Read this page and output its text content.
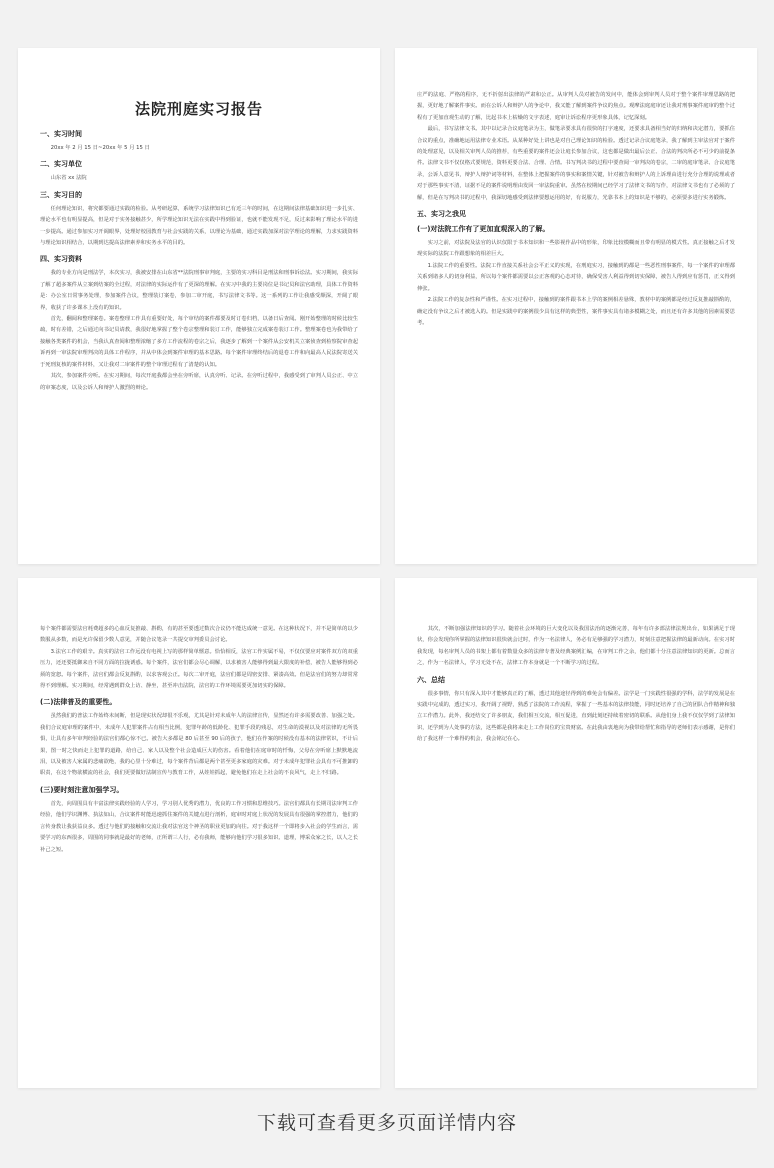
法院刑庭实习报告
一、实习时间

20xx 年 2 月 15 日~20xx 年 5 月 15 日

二、实习单位

山东省 xx 法院

三、实习目的

任何理论知识，将究都要通过实践的检验。从考研起算，系统学习法律知识已有近三年的时间，在这期间法律基础知识进一步扎实、理论水平也有明显提高，但是对于实务接触甚少，所学理论知识无法在实践中得到验证，也就不能发现不足，反过来影响了理论水平的进一步提高。通过参加实习开阔眼界，处理好校园教育与社会实践的关系，以理论为基础，通过实践加深对法学理论的理解，力求实践资料与理论知识相结合，以期到达提高法律素养和实务水平的目的。

四、实习资料

我的专业方向是刑法学，本次实习，我被安排在山东省**法院刑事审判庭，主要的实习科目是刑法和刑事诉讼法。实习期间，我实际了解了超多案件从立案到结案的全过程，对法律的实际运作有了更深的理解。在实习中我的主要岗位是书记员和法官助理，具体工作资料是：办公室日常事务处理，参加案件合议，整理装订案卷，参加二审开庭，书写法律文书等。这一系列的工作让我感受颇深，开阔了眼界，收获了许多课本上没有的知识。

首先，翻阅和整理案卷。案卷整理工作具有重要好处，每个审结的案件都要及时订卷归档，以备日后查阅。刚开始整理的时候比较生疏，时有差错，之后通过向书记员请教，我很好地掌握了整个卷宗整理和装订工作，能够独立完成案卷装订工作。整理案卷也为我带给了接触各类案件的机会，当我认真查阅和整理浓缩了多方工作流程的卷宗之后，我逐步了解到一个案件从公安机关立案侦查到检察院审查起诉再到一审法院审理判决的具体工作程序，并从中体会到案件审理的基本思路。每个案件审理终结后的退卷工作和向最高人民法院寄送关于死刑复核的案件材料，又让我对二审案件的整个审理过程有了清楚的认知。

其次，参加案件旁听。在实习期间，每次开庭我都会坐在旁听席，认真旁听、记录。在旁听过程中，我感受到了审判人员公正、中立的审案态度，以及公诉人和辩护人激烈的辩论。

庄严的法庭、严格的程序，无不折射出法律的严肃和公正。从审判人员对被告的发问中，能体会到审判人员对于整个案件审理思路的把握，更好地了解案件事实。而在公诉人和辩护人的争论中，我又能了解到案件争议的焦点。观摩法庭庭审还让我对刑事案件庭审的整个过程有了更加直观生动的了解，比起书本上枯燥的文字表述，庭审让诉讼程序更形象具体，记忆深刻。

最后，书写法律文书。其中以记录合议庭笔录为主，做笔录要求具有很快的打字速度，还要求具备相当好的归纳和决定潜力，要抓住合议的重点，准确地运用法律专业术语。从某种好处上讲也是对自己理论知识的检验。透过记录合议庭笔录，我了解到主审法官对于案件的处理意见，以及相关审判人员的推荐，有些重要的案件还会让庭长参加合议，这也都是做出最后公正、合法的判决所必不可少的前提条件。法律文书不仅仅格式要规范，资料更要合法、合理、合情。书写判决书的过程中要查阅一审判决的卷宗，二审的庭审笔录、合议庭笔录，公诉人意见书，辩护人辩护词等材料，在整体上把握案件的事实和案情关键，针对被告和辩护人的上诉理由进行充分合理的说理或者对于那些事实不清，证据不足的案件说明理由发回一审法院重审。虽然在校期间已经学习了法律文书的写作，对法律文书也有了必须的了解，但是在写判决书的过程中，我深切地感受到法律要想运用的好，有说服力，光靠书本上的知识是不够的，必须要多进行实务锻炼。

五、实习之我见
(一)对法院工作有了更加直观深入的了解。

实习之前，对法院及法官的认识仅限于书本知识和一些影视作品中的形象，印象比较模糊而且带有明显的模式性。真正接触之后才发现实际的法院工作跟想象的相差巨大。

1.法院工作的重要性。法院工作直接关系社会公平正义的实现，在刑庭实习，接触到的都是一些恶性刑事案件，每一个案件的审理都关系到诸多人的切身利益，所以每个案件都需要以公正客观的心态对待，确保受害人利益得到切实保障，被告人得到应有惩罚，正义得到伸张。

2.法院工作的复杂性和严谨性。在实习过程中，接触到的案件跟书本上学的案例相差悬殊，教材中的案例都是经过反复推敲斟酌的，确定没有争议之后才被选入的。但是实践中的案例很少具有这样的典型性，案件事实具有诸多模糊之处，而且还有许多其他的因素需要思考。

每个案件都需要法官耗费超多的心血反复推敲、斟酌，有的甚至要透过数次合议仍不能达成统一意见。在这种状况下，并不是简单的以少数服从多数，而是允许保留少数人意见，并随合议笔录一共提交审判委员会讨论。

3.法官工作的艰辛。真实的法官工作远没有电视上写的那样简单惬意。恰恰相反，法官工作实属不易，不仅仅要应对案件双方的双重压力，还还要抵御来自不同方面的拉拢诱惑。每个案件，法官们都会尽心调解，以求被害人能够得到最大限度的补偿，被告人能够得到必须的宽恕。每个案件，法官们都会反复斟酌，以求客观公正。每次二审开庭，法官们都是周密安排、紧凑高效。但是法官们的努力却常常得不到理解。实习期间，经常遇到群众上访、静坐，甚至冲击法院，法官的工作环境需要更加切实的保障。

(二)法律普及的重要性。

虽然我们的普法工作始终未间断，但是现实状况却很不乐观，尤其是针对未成年人的法律宣传，显然还有许多需要改善、加强之处。我们合议庭审理的案件中，未成年人犯罪案件占有相当比例，犯罪年龄的低龄化、犯罪手段的残忍，对生命的漠视以及对法律的无所畏惧，让具有多年审判经验的法官们都心惊不已。被告大多都是 80 后甚至 90 后的孩子，他们在作案的时候没有基本的法律常识，不计后果，图一时之快而走上犯罪的道路，给自己、家人以及整个社会造成巨大的伤害。看着他们在庭审时的忏悔，父母在旁听席上默默地流泪，以及被害人家属的悲痛欲绝，我的心里十分难过，每个案件背后都是两个甚至更多家庭的灾难。对于未成年犯罪社会具有不可推卸的职责，在这个物欲横流的社会，我们更要做好法制宣传与教育工作，从娃娃抓起，避免他们在走上社会的不良风气，走上不归路。

(三)要时刻注意加强学习。

首先，向周围具有丰富法律实践经验的人学习，学习别人优秀的潜力，优良的工作习惯和思维技巧。法官们都具有长期司法审判工作经验，他们学识渊博、执法如山，合议案件时能迅速抓住案件的关键点进行剖析，庭审时对庭上状况的发展具有很强的掌控潜力，他们的言传身教让我获益良多。透过与他们的接触和交流让我对法官这个神圣的职业更加的向往。对于我这样一个即将步入社会的学生而言，需要学习的东西很多，周围的同事就是最好的老师，正所谓三人行，必有我师，能够向他们学习很多知识、道理，博采众家之长，以人之长补己之短。

其次，不断加强法律知识的学习。随着社会环境的巨大变化以及我国法治的逐渐完善，每年有许多部法律法规出台，如果满足于现状，你会发现你所掌握的法律知识很快就会过时，作为一名法律人，务必有足够强的学习潜力，时刻注意把握法律的最新动向。在实习时我发现，每名审判人员的书架上都有着数量众多的法律专著及经典案例汇编，在审判工作之余，他们都十分注意法律知识的更新。总而言之，作为一名法律人，学习无处不在，法律工作本身就是一个不断学习的过程。

六、总结

很多事情，你只有深入其中才能够真正的了解，透过其他途径得到的难免会有偏差。法学是一门实践性很强的学科，法学的发展是在实践中完成的，透过实习，我开阔了视野，熟悉了法院的工作流程，掌握了一些基本的法律技能，同时还培养了自己的团队合作精神和独立工作潜力。此外，我还结交了许多朋友，我们相互交流，相互促进，直到此刻还持续着密切的联系。从他们身上我不仅仅学到了法律知识，还学到为人处事的方法，这些都是我将来走上工作岗位的宝贵财富。在此我由衷地向为我带给帮忙和指导的老师们表示感谢，是你们给了我这样一个难得的机会，我会铭记在心。

下载可查看更多页面详情内容
